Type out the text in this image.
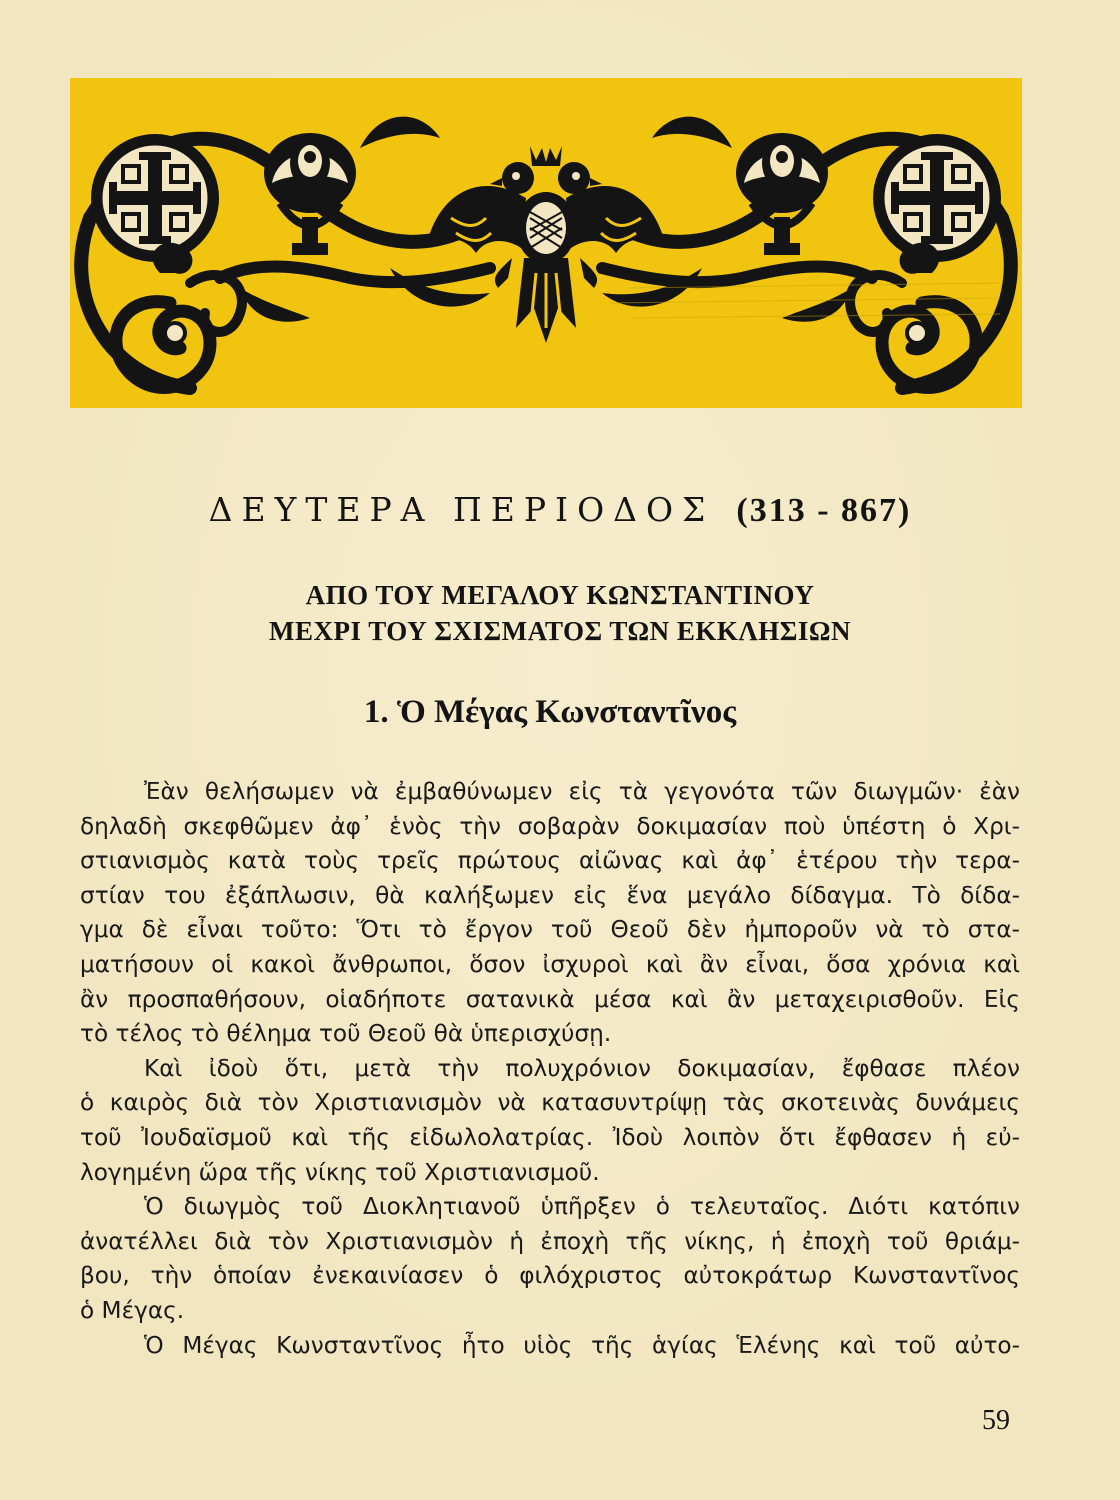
ΔΕΥΤΕΡΑ ΠΕΡΙΟΔΟΣ (313 - 867)
ΑΠΟ ΤΟΥ ΜΕΓΑΛΟΥ ΚΩΝΣΤΑΝΤΙΝΟΥ
ΜΕΧΡΙ ΤΟΥ ΣΧΙΣΜΑΤΟΣ ΤΩΝ ΕΚΚΛΗΣΙΩΝ
1. Ὁ Μέγας Κωνσταντῖνος
Ἐὰν θελήσωμεν νὰ ἐμβαθύνωμεν εἰς τὰ γεγονότα τῶν διωγμῶν· ἐὰν
δηλαδὴ σκεφθῶμεν ἀφ᾽ ἑνὸς τὴν σοβαρὰν δοκιμασίαν ποὺ ὑπέστη ὁ Χρι-
στιανισμὸς κατὰ τοὺς τρεῖς πρώτους αἰῶνας καὶ ἀφ᾽ ἑτέρου τὴν τερα-
στίαν του ἐξάπλωσιν, θὰ καλήξωμεν εἰς ἕνα μεγάλο δίδαγμα. Τὸ δίδα-
γμα δὲ εἶναι τοῦτο: Ὅτι τὸ ἔργον τοῦ Θεοῦ δὲν ἠμποροῦν νὰ τὸ στα-
ματήσουν οἱ κακοὶ ἄνθρωποι, ὅσον ἰσχυροὶ καὶ ἂν εἶναι, ὅσα χρόνια καὶ
ἂν προσπαθήσουν, οἱαδήποτε σατανικὰ μέσα καὶ ἂν μεταχειρισθοῦν. Εἰς
τὸ τέλος τὸ θέλημα τοῦ Θεοῦ θὰ ὑπερισχύσῃ.
Καὶ ἰδοὺ ὅτι, μετὰ τὴν πολυχρόνιον δοκιμασίαν, ἔφθασε πλέον
ὁ καιρὸς διὰ τὸν Χριστιανισμὸν νὰ κατασυντρίψῃ τὰς σκοτεινὰς δυνάμεις
τοῦ Ἰουδαϊσμοῦ καὶ τῆς εἰδωλολατρίας. Ἰδοὺ λοιπὸν ὅτι ἔφθασεν ἡ εὐ-
λογημένη ὥρα τῆς νίκης τοῦ Χριστιανισμοῦ.
Ὁ διωγμὸς τοῦ Διοκλητιανοῦ ὑπῆρξεν ὁ τελευταῖος. Διότι κατόπιν
ἀνατέλλει διὰ τὸν Χριστιανισμὸν ἡ ἐποχὴ τῆς νίκης, ἡ ἐποχὴ τοῦ θριάμ-
βου, τὴν ὁποίαν ἐνεκαινίασεν ὁ φιλόχριστος αὐτοκράτωρ Κωνσταντῖνος
ὁ Μέγας.
Ὁ Μέγας Κωνσταντῖνος ἦτο υἱὸς τῆς ἁγίας Ἑλένης καὶ τοῦ αὐτο-
59
